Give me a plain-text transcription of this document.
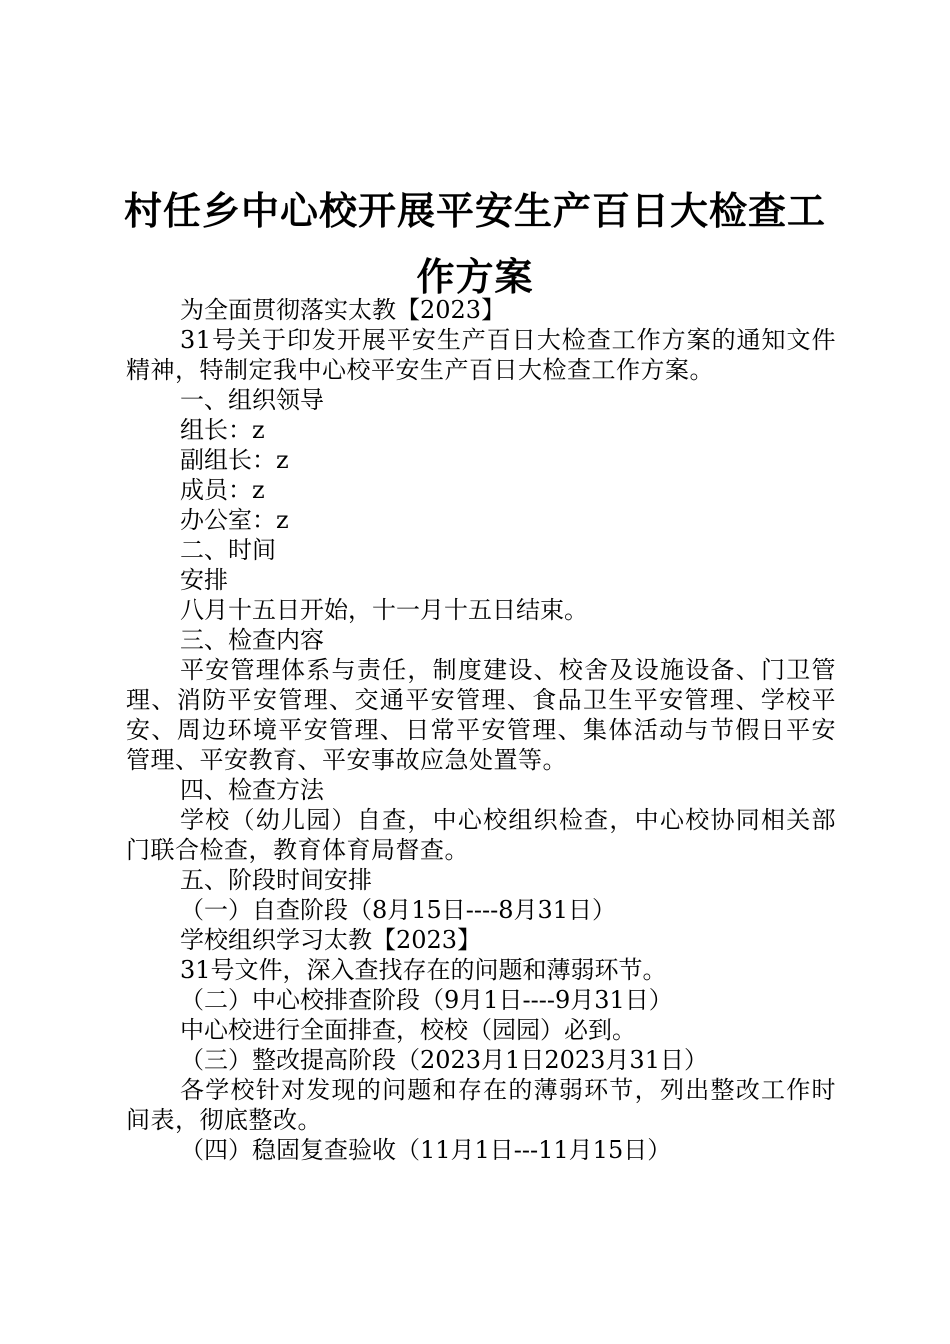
村任乡中心校开展平安生产百日大检查工作方案

为全面贯彻落实太教【2023】

31号关于印发开展平安生产百日大检查工作方案的通知文件精神，特制定我中心校平安生产百日大检查工作方案。

一、组织领导

组长：z

副组长：z

成员：z

办公室：z

二、时间

安排

八月十五日开始，十一月十五日结束。

三、检查内容

平安管理体系与责任，制度建设、校舍及设施设备、门卫管理、消防平安管理、交通平安管理、食品卫生平安管理、学校平安、周边环境平安管理、日常平安管理、集体活动与节假日平安管理、平安教育、平安事故应急处置等。

四、检查方法

学校（幼儿园）自查，中心校组织检查，中心校协同相关部门联合检查，教育体育局督查。

五、阶段时间安排

（一）自查阶段（8月15日----8月31日）

学校组织学习太教【2023】

31号文件，深入查找存在的问题和薄弱环节。

（二）中心校排查阶段（9月1日----9月31日）

中心校进行全面排查，校校（园园）必到。

（三）整改提高阶段（2023月1日2023月31日）

各学校针对发现的问题和存在的薄弱环节，列出整改工作时间表，彻底整改。

（四）稳固复查验收（11月1日---11月15日）
